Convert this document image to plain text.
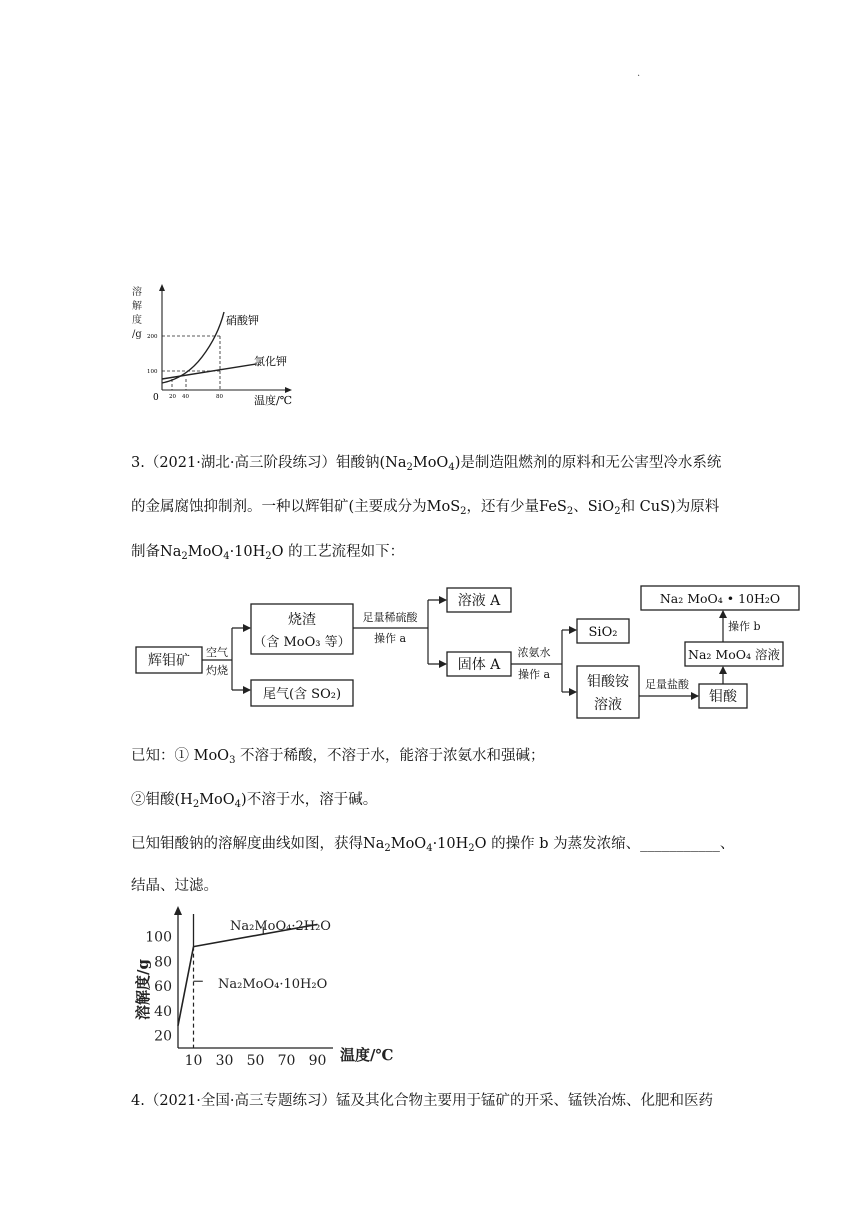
.
溶
解
度
/g
0
200
100
20 40	80
硝酸钾
氯化钾
温度/℃
3.（2021·湖北·高三阶段练习）钼酸钠$(Na_2MoO_4)$是制造阻燃剂的原料和无公害型冷水系统
的金属腐蚀抑制剂。一种以辉钼矿(主要成分为MoS$_2$，还有少量FeS$_2$、SiO$_2$和 CuS)为原料
制备$Na_2MoO_4\cdot 10H_2O$ 的工艺流程如下：
辉钼矿
空气
灼烧
烧渣
（含 MoO₃ 等）
尾气(含 SO₂)
足量稀硫酸
操作 a
溶液 A
固体 A
浓氨水
操作 a
SiO₂
钼酸铵
溶液
足量盐酸
钼酸
Na₂ MoO₄ 溶液
操作 b
Na₂ MoO₄ • 10H₂O
已知：① MoO$_3$ 不溶于稀酸，不溶于水，能溶于浓氨水和强碱；
②钼酸$(H_2MoO_4)$不溶于水，溶于碱。
已知钼酸钠的溶解度曲线如图，获得$Na_2MoO_4\cdot 10H_2O$ 的操作 b 为蒸发浓缩、___________、
结晶、过滤。
溶解度/g
温度/℃
Na₂MoO₄·2H₂O
Na₂MoO₄·10H₂O
100
80
60
40
20
10 30 50 70 90
4.（2021·全国·高三专题练习）锰及其化合物主要用于锰矿的开采、锰铁冶炼、化肥和医药
